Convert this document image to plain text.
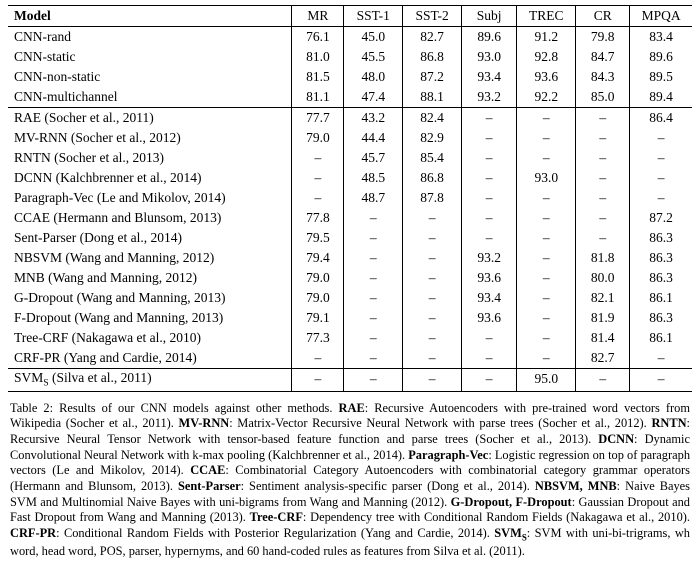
Model	MR	SST-1	SST-2	Subj	TREC	CR	MPQA
CNN-rand	76.1	45.0	82.7	89.6	91.2	79.8	83.4
CNN-static	81.0	45.5	86.8	93.0	92.8	84.7	89.6
CNN-non-static	81.5	48.0	87.2	93.4	93.6	84.3	89.5
CNN-multichannel	81.1	47.4	88.1	93.2	92.2	85.0	89.4
RAE (Socher et al., 2011)	77.7	43.2	82.4	–	–	–	86.4
MV-RNN (Socher et al., 2012)	79.0	44.4	82.9	–	–	–	–
RNTN (Socher et al., 2013)	–	45.7	85.4	–	–	–	–
DCNN (Kalchbrenner et al., 2014)	–	48.5	86.8	–	93.0	–	–
Paragraph-Vec (Le and Mikolov, 2014)	–	48.7	87.8	–	–	–	–
CCAE (Hermann and Blunsom, 2013)	77.8	–	–	–	–	–	87.2
Sent-Parser (Dong et al., 2014)	79.5	–	–	–	–	–	86.3
NBSVM (Wang and Manning, 2012)	79.4	–	–	93.2	–	81.8	86.3
MNB (Wang and Manning, 2012)	79.0	–	–	93.6	–	80.0	86.3
G-Dropout (Wang and Manning, 2013)	79.0	–	–	93.4	–	82.1	86.1
F-Dropout (Wang and Manning, 2013)	79.1	–	–	93.6	–	81.9	86.3
Tree-CRF (Nakagawa et al., 2010)	77.3	–	–	–	–	81.4	86.1
CRF-PR (Yang and Cardie, 2014)	–	–	–	–	–	82.7	–
$SVM_S$ (Silva et al., 2011)	–	–	–	–	95.0	–	–

Table 2: Results of our CNN models against other methods. RAE: Recursive Autoencoders with pre-trained word vectors from Wikipedia (Socher et al., 2011). MV-RNN: Matrix-Vector Recursive Neural Network with parse trees (Socher et al., 2012). RNTN: Recursive Neural Tensor Network with tensor-based feature function and parse trees (Socher et al., 2013). DCNN: Dynamic Convolutional Neural Network with k-max pooling (Kalchbrenner et al., 2014). Paragraph-Vec: Logistic regression on top of paragraph vectors (Le and Mikolov, 2014). CCAE: Combinatorial Category Autoencoders with combinatorial category grammar operators (Hermann and Blunsom, 2013). Sent-Parser: Sentiment analysis-specific parser (Dong et al., 2014). NBSVM, MNB: Naive Bayes SVM and Multinomial Naive Bayes with uni-bigrams from Wang and Manning (2012). G-Dropout, F-Dropout: Gaussian Dropout and Fast Dropout from Wang and Manning (2013). Tree-CRF: Dependency tree with Conditional Random Fields (Nakagawa et al., 2010). CRF-PR: Conditional Random Fields with Posterior Regularization (Yang and Cardie, 2014). $SVM_S$: SVM with uni-bi-trigrams, wh word, head word, POS, parser, hypernyms, and 60 hand-coded rules as features from Silva et al. (2011).
